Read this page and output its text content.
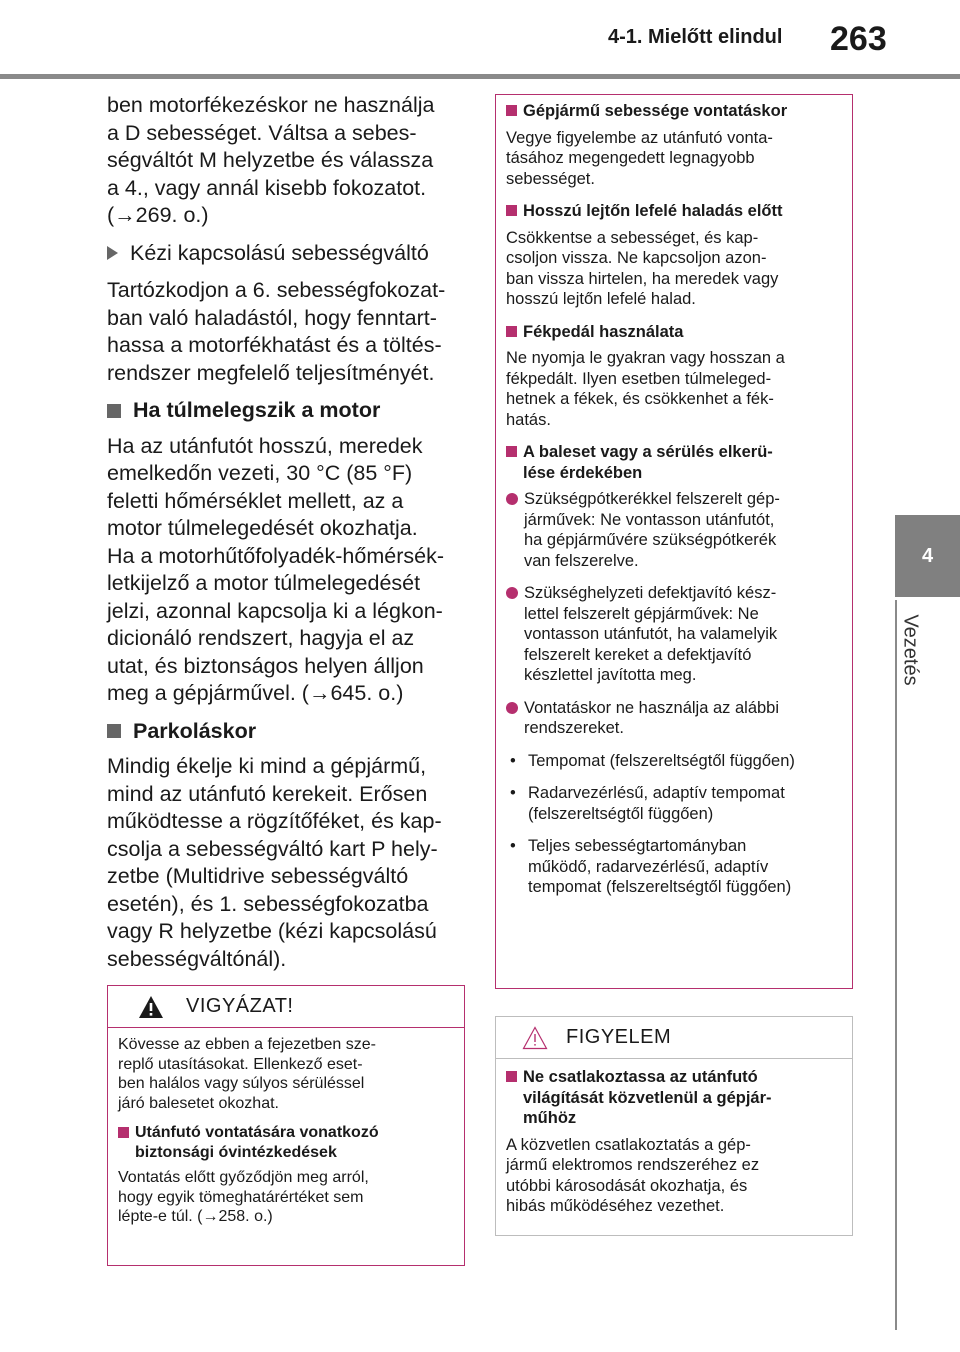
4-1. Mielőtt elindul 263
4
Vezetés
ben motorfékezéskor ne használja
a D sebességet. Váltsa a sebes-
ségváltót M helyzetbe és válassza
a 4., vagy annál kisebb fokozatot.
(→269. o.)
Kézi kapcsolású sebességváltó
Tartózkodjon a 6. sebességfokozat-
ban való haladástól, hogy fenntart-
hassa a motorfékhatást és a töltés-
rendszer megfelelő teljesítményét.
Ha túlmelegszik a motor
Ha az utánfutót hosszú, meredek
emelkedőn vezeti, 30 °C (85 °F)
feletti hőmérséklet mellett, az a
motor túlmelegedését okozhatja.
Ha a motorhűtőfolyadék-hőmérsék-
letkijelző a motor túlmelegedését
jelzi, azonnal kapcsolja ki a légkon-
dicionáló rendszert, hagyja el az
utat, és biztonságos helyen álljon
meg a gépjárművel. (→645. o.)
Parkoláskor
Mindig ékelje ki mind a gépjármű,
mind az utánfutó kerekeit. Erősen
működtesse a rögzítőféket, és kap-
csolja a sebességváltó kart P hely-
zetbe (Multidrive sebességváltó
esetén), és 1. sebességfokozatba
vagy R helyzetbe (kézi kapcsolású
sebességváltónál).
VIGYÁZAT!
Kövesse az ebben a fejezetben sze-
replő utasításokat. Ellenkező eset-
ben halálos vagy súlyos sérüléssel
járó balesetet okozhat.
Utánfutó vontatására vonatkozó
biztonsági óvintézkedések
Vontatás előtt győződjön meg arról,
hogy egyik tömeghatárértéket sem
lépte-e túl. (→258. o.)
Gépjármű sebessége vontatáskor
Vegye figyelembe az utánfutó vonta-
tásához megengedett legnagyobb
sebességet.
Hosszú lejtőn lefelé haladás előtt
Csökkentse a sebességet, és kap-
csoljon vissza. Ne kapcsoljon azon-
ban vissza hirtelen, ha meredek vagy
hosszú lejtőn lefelé halad.
Fékpedál használata
Ne nyomja le gyakran vagy hosszan a
fékpedált. Ilyen esetben túlmeleged-
hetnek a fékek, és csökkenhet a fék-
hatás.
A baleset vagy a sérülés elkerü-
lése érdekében
Szükségpótkerékkel felszerelt gép-
járművek: Ne vontasson utánfutót,
ha gépjárművére szükségpótkerék
van felszerelve.
Szükséghelyzeti defektjavító kész-
lettel felszerelt gépjárművek: Ne
vontasson utánfutót, ha valamelyik
felszerelt kereket a defektjavító
készlettel javította meg.
Vontatáskor ne használja az alábbi
rendszereket.
• Tempomat (felszereltségtől függően)
• Radarvezérlésű, adaptív tempomat
(felszereltségtől függően)
• Teljes sebességtartományban
működő, radarvezérlésű, adaptív
tempomat (felszereltségtől függően)
FIGYELEM
Ne csatlakoztassa az utánfutó
világítását közvetlenül a gépjár-
műhöz
A közvetlen csatlakoztatás a gép-
jármű elektromos rendszeréhez ez
utóbbi károsodását okozhatja, és
hibás működéséhez vezethet.
